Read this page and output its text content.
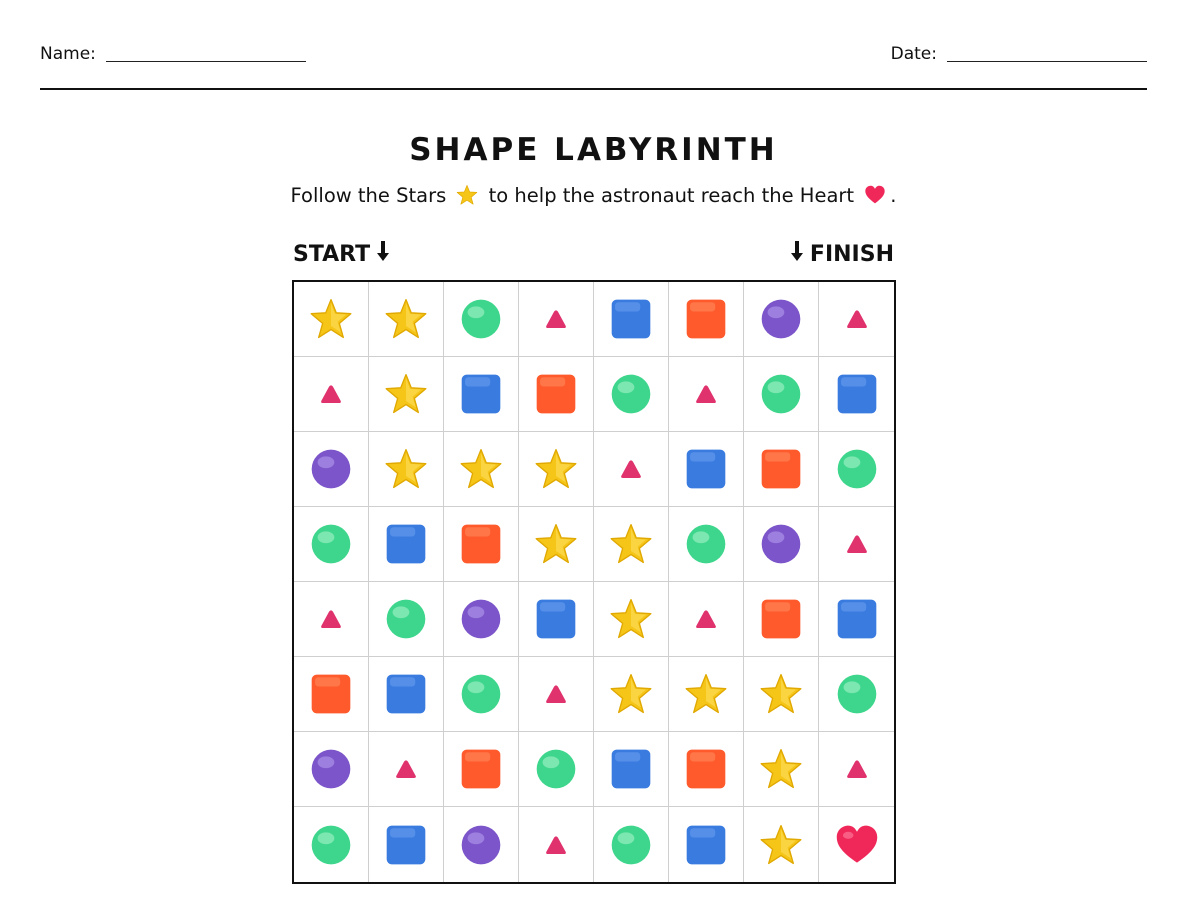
Name:	Date:
SHAPE LABYRINTH
Follow the Stars to help the astronaut reach the Heart .
START	FINISH
